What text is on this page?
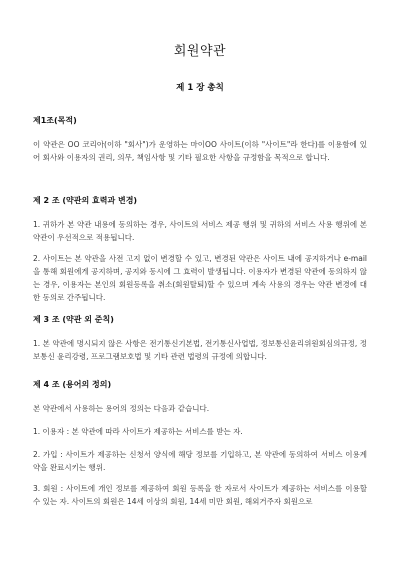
회원약관
제 1 장 총칙
제1조(목적)

이 약관은 OO 코리아(이하 "회사")가 운영하는 마이OO 사이트(이하 "사이트"라 한다)를 이용함에 있어 회사와 이용자의 권리, 의무, 책임사항 및 기타 필요한 사항을 규정함을 목적으로 합니다.

제 2 조 (약관의 효력과 변경)

1. 귀하가 본 약관 내용에 동의하는 경우, 사이트의 서비스 제공 행위 및 귀하의 서비스 사용 행위에 본 약관이 우선적으로 적용됩니다.

2. 사이트는 본 약관을 사전 고지 없이 변경할 수 있고, 변경된 약관은 사이트 내에 공지하거나 e-mail을 통해 회원에게 공지하며, 공지와 동시에 그 효력이 발생됩니다. 이용자가 변경된 약관에 동의하지 않는 경우, 이용자는 본인의 회원등록을 취소(회원탈퇴)할 수 있으며 계속 사용의 경우는 약관 변경에 대한 동의로 간주됩니다.

제 3 조 (약관 외 준칙)

1. 본 약관에 명시되지 않은 사항은 전기통신기본법, 전기통신사업법, 정보통신윤리위원회심의규정, 정보통신 윤리강령, 프로그램보호법 및 기타 관련 법령의 규정에 의합니다.

제 4 조 (용어의 정의)

본 약관에서 사용하는 용어의 정의는 다음과 같습니다.

1. 이용자 : 본 약관에 따라 사이트가 제공하는 서비스를 받는 자.

2. 가입 : 사이트가 제공하는 신청서 양식에 해당 정보를 기입하고, 본 약관에 동의하여 서비스 이용계약을 완료시키는 행위.

3. 회원 : 사이트에 개인 정보를 제공하여 회원 등록을 한 자로서 사이트가 제공하는 서비스를 이용할 수 있는 자. 사이트의 회원은 14세 이상의 회원, 14세 미만 회원, 해외거주자 회원으로
